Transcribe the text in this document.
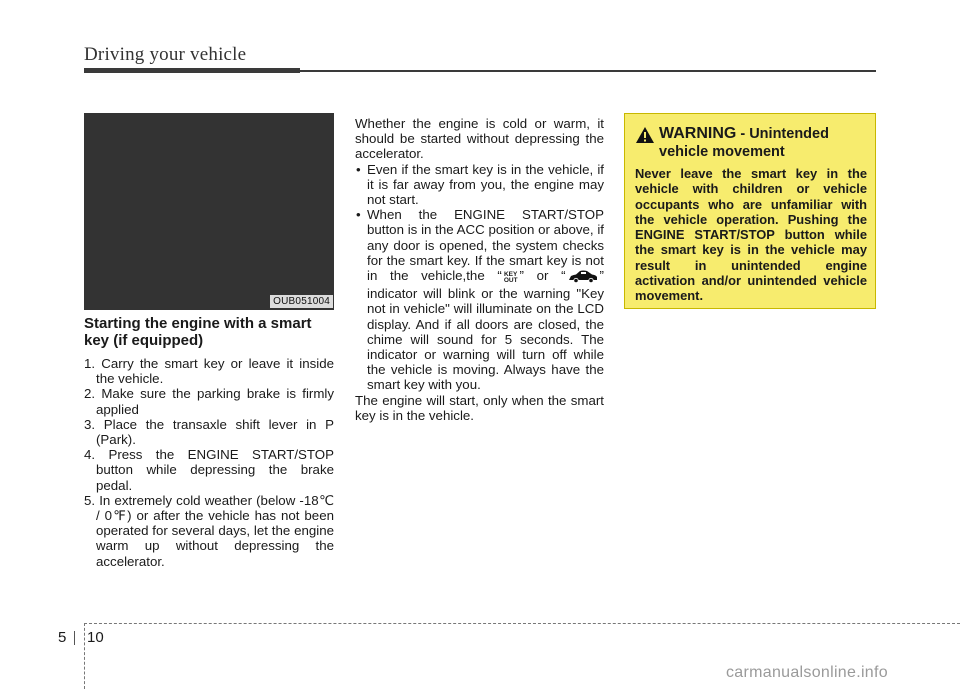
Driving your vehicle
OUB051004
Starting the engine with a smart key (if equipped)
1. Carry the smart key or leave it inside the vehicle.
2. Make sure the parking brake is firmly applied
3. Place the transaxle shift lever in P (Park).
4. Press the ENGINE START/STOP button while depressing the brake pedal.
5. In extremely cold weather (below -18℃ / 0℉) or after the vehicle has not been operated for several days, let the engine warm up without depressing the accelerator.

Whether the engine is cold or warm, it should be started without depressing the accelerator.

• Even if the smart key is in the vehicle, if it is far away from you, the engine may not start.
• When the ENGINE START/STOP button is in the ACC position or above, if any door is opened, the system checks for the smart key. If the smart key is not in the vehicle,the “ KEY
OUT ” or “	” indicator will blink or the warning "Key not in vehicle" will illuminate on the LCD display. And if all doors are closed, the chime will sound for 5 seconds. The indicator or warning will turn off while the vehicle is moving. Always have the smart key with you.

The engine will start, only when the smart key is in the vehicle.

WARNING - Unintended
vehicle movement
Never leave the smart key in the vehicle with children or vehicle occupants who are unfamiliar with the vehicle operation. Pushing the ENGINE START/STOP button while the smart key is in the vehicle may result in unintended engine activation and/or unintended vehicle movement.
5 10
carmanualsonline.info
